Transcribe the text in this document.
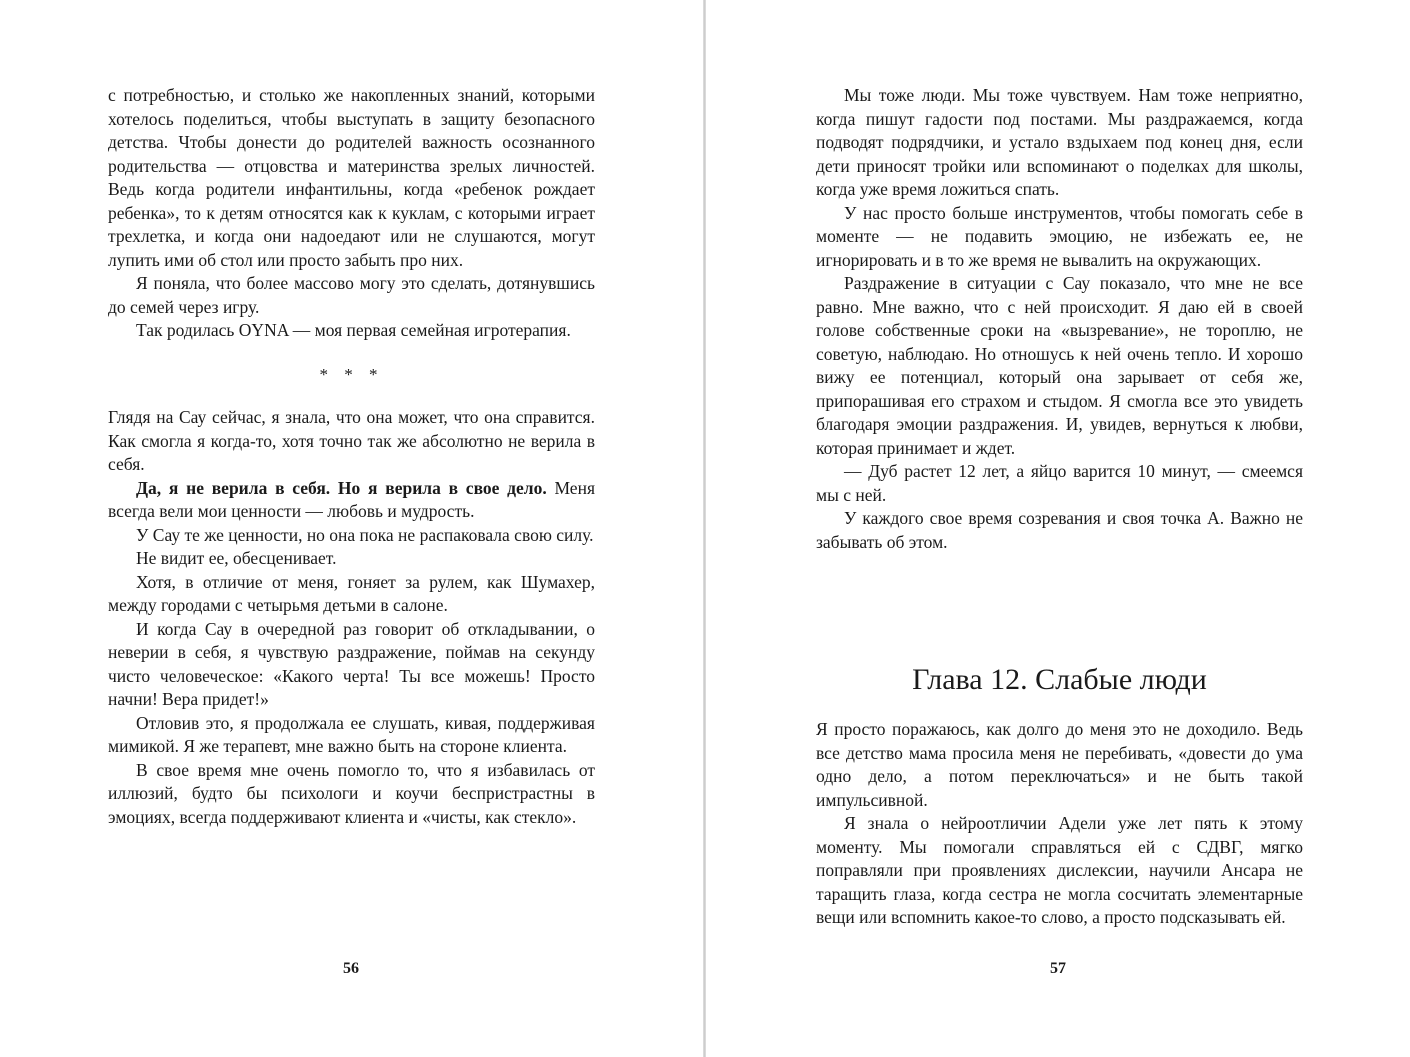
с потребностью, и столько же накопленных знаний, которыми хотелось поделиться, чтобы выступать в защиту безопасного детства. Чтобы донести до родителей важность осознанного родительства — отцовства и материнства зрелых личностей. Ведь когда родители инфантильны, когда «ребенок рождает ребенка», то к детям относятся как к куклам, с которыми играет трехлетка, и когда они надоедают или не слушаются, могут лупить ими об стол или просто забыть про них.

Я поняла, что более массово могу это сделать, дотянувшись до семей через игру.

Так родилась OYNA — моя первая семейная игротерапия.

* * *

Глядя на Сау сейчас, я знала, что она может, что она справится. Как смогла я когда-то, хотя точно так же абсолютно не верила в себя.

Да, я не верила в себя. Но я верила в свое дело. Меня всегда вели мои ценности — любовь и мудрость.

У Сау те же ценности, но она пока не распаковала свою силу.

Не видит ее, обесценивает.

Хотя, в отличие от меня, гоняет за рулем, как Шумахер, между городами с четырьмя детьми в салоне.

И когда Сау в очередной раз говорит об откладывании, о неверии в себя, я чувствую раздражение, поймав на секунду чисто человеческое: «Какого черта! Ты все можешь! Просто начни! Вера придет!»

Отловив это, я продолжала ее слушать, кивая, поддерживая мимикой. Я же терапевт, мне важно быть на стороне клиента.

В свое время мне очень помогло то, что я избавилась от иллюзий, будто бы психологи и коучи беспристрастны в эмоциях, всегда поддерживают клиента и «чисты, как стекло».

56

Мы тоже люди. Мы тоже чувствуем. Нам тоже неприятно, когда пишут гадости под постами. Мы раздражаемся, когда подводят подрядчики, и устало вздыхаем под конец дня, если дети приносят тройки или вспоминают о поделках для школы, когда уже время ложиться спать.

У нас просто больше инструментов, чтобы помогать себе в моменте — не подавить эмоцию, не избежать ее, не игнорировать и в то же время не вывалить на окружающих.

Раздражение в ситуации с Сау показало, что мне не все равно. Мне важно, что с ней происходит. Я даю ей в своей голове собственные сроки на «вызревание», не тороплю, не советую, наблюдаю. Но отношусь к ней очень тепло. И хорошо вижу ее потенциал, который она зарывает от себя же, припорашивая его страхом и стыдом. Я смогла все это увидеть благодаря эмоции раздражения. И, увидев, вернуться к любви, которая принимает и ждет.

— Дуб растет 12 лет, а яйцо варится 10 минут, — смеемся мы с ней.

У каждого свое время созревания и своя точка А. Важно не забывать об этом.

Глава 12. Слабые люди

Я просто поражаюсь, как долго до меня это не доходило. Ведь все детство мама просила меня не перебивать, «довести до ума одно дело, а потом переключаться» и не быть такой импульсивной.

Я знала о нейроотличии Адели уже лет пять к этому моменту. Мы помогали справляться ей с СДВГ, мягко поправляли при проявлениях дислексии, научили Ансара не таращить глаза, когда сестра не могла сосчитать элементарные вещи или вспомнить какое-то слово, а просто подсказывать ей.

57
